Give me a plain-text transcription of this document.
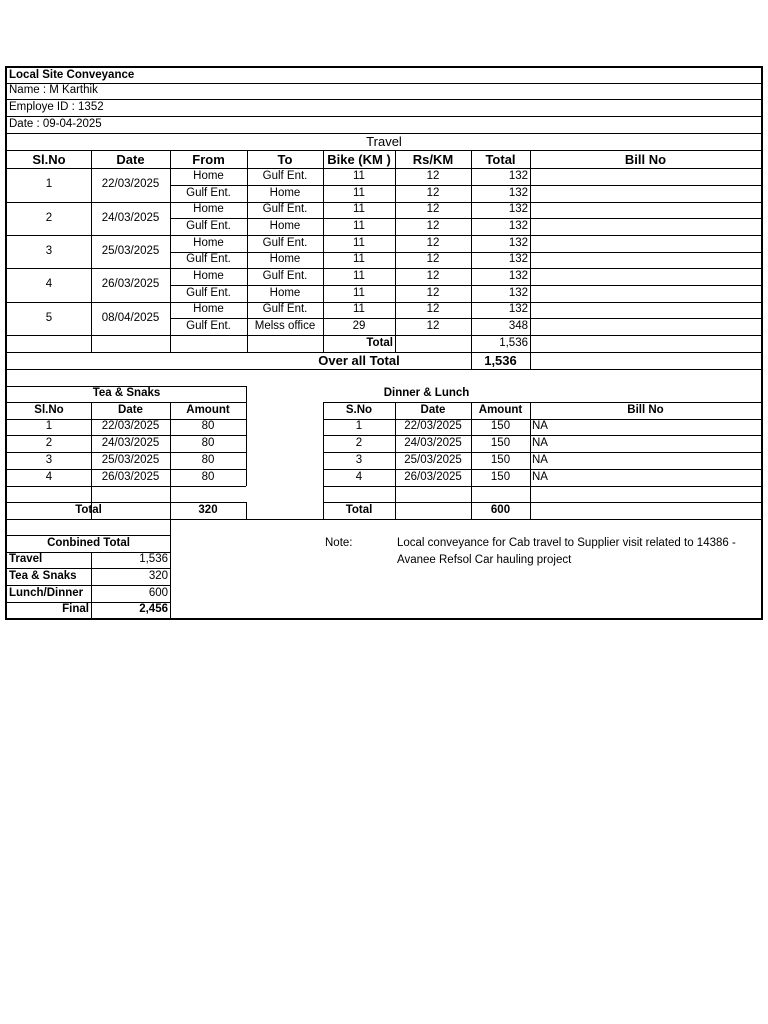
Local Site Conveyance
Name : M Karthik
Employe ID : 1352
Date : 09-04-2025
Travel
Sl.No	Date	From	To	Bike (KM )	Rs/KM	Total	Bill No
1	22/03/2025
Home	Gulf Ent.	11	12	132
Gulf Ent.	Home	11	12	132
2	24/03/2025
Home	Gulf Ent.	11	12	132
Gulf Ent.	Home	11	12	132
3	25/03/2025
Home	Gulf Ent.	11	12	132
Gulf Ent.	Home	11	12	132
4	26/03/2025
Home	Gulf Ent.	11	12	132
Gulf Ent.	Home	11	12	132
5	08/04/2025
Home	Gulf Ent.	11	12	132
Gulf Ent.	Melss office	29	12	348
Total	1,536
Over all Total	1,536
Tea & Snaks
Sl.No	Date	Amount
1	22/03/2025	80
2	24/03/2025	80
3	25/03/2025	80
4	26/03/2025	80
Total	320
Dinner & Lunch
S.No	Date	Amount	Bill No
1	22/03/2025	150	NA
2	24/03/2025	150	NA
3	25/03/2025	150	NA
4	26/03/2025	150	NA
Total	600
Conbined Total
Travel	1,536
Tea & Snaks	320
Lunch/Dinner	600
Final	2,456
Note:	Local conveyance for Cab travel to Supplier visit related to 14386 -
Avanee Refsol Car hauling project
